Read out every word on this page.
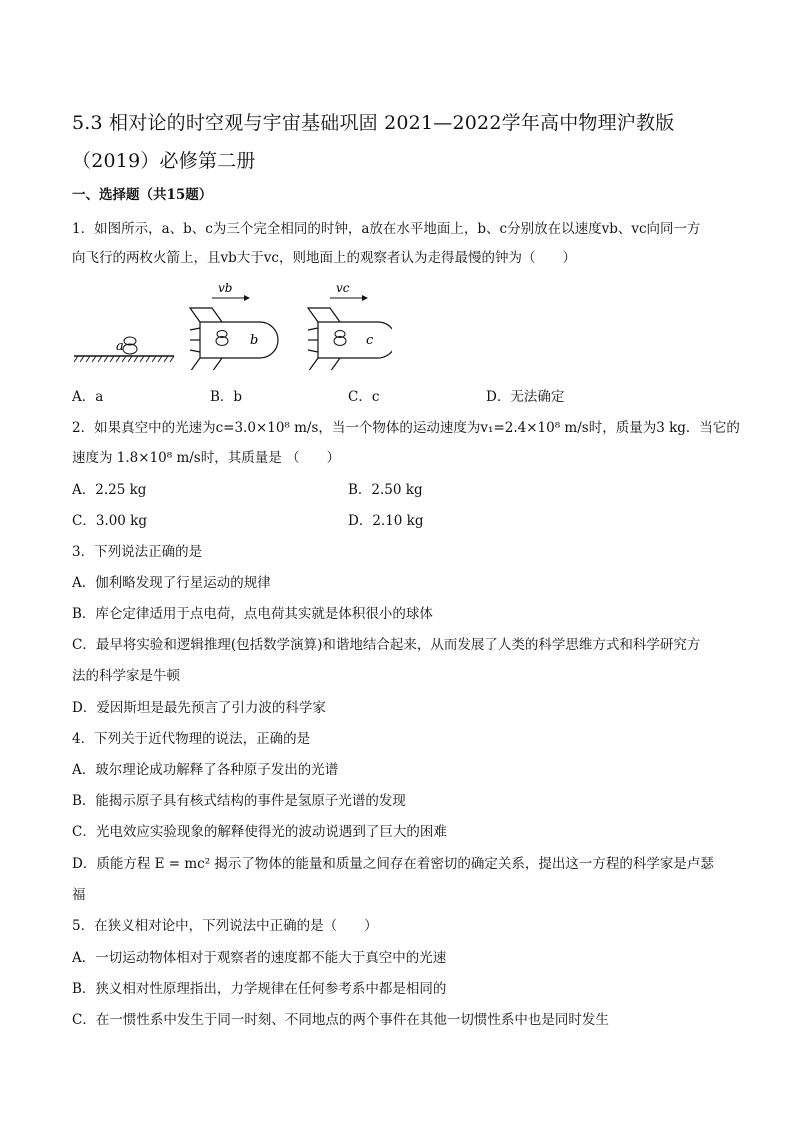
5.3 相对论的时空观与宇宙基础巩固 2021—2022学年高中物理沪教版
（2019）必修第二册
一、选择题（共15题）
1．如图所示，a、b、c为三个完全相同的时钟，a放在水平地面上，b、c分别放在以速度vb、vc向同一方
向飞行的两枚火箭上，且vb大于vc，则地面上的观察者认为走得最慢的钟为（　　）
a	b
vb
c
vc
A．a	B．b	C．c	D．无法确定
2．如果真空中的光速为c=3.0×10⁸ m/s，当一个物体的运动速度为v₁=2.4×10⁸ m/s时，质量为3 kg．当它的
速度为 1.8×10⁸ m/s时，其质量是 （　　）
A．2.25 kg	B．2.50 kg
C．3.00 kg	D．2.10 kg
3．下列说法正确的是
A．伽利略发现了行星运动的规律
B．库仑定律适用于点电荷，点电荷其实就是体积很小的球体
C．最早将实验和逻辑推理(包括数学演算)和谐地结合起来，从而发展了人类的科学思维方式和科学研究方
法的科学家是牛顿
D．爱因斯坦是最先预言了引力波的科学家
4．下列关于近代物理的说法，正确的是
A．玻尔理论成功解释了各种原子发出的光谱
B．能揭示原子具有核式结构的事件是氢原子光谱的发现
C．光电效应实验现象的解释使得光的波动说遇到了巨大的困难
D．质能方程 E = mc² 揭示了物体的能量和质量之间存在着密切的确定关系，提出这一方程的科学家是卢瑟
福
5．在狭义相对论中，下列说法中正确的是（　　）
A．一切运动物体相对于观察者的速度都不能大于真空中的光速
B．狭义相对性原理指出，力学规律在任何参考系中都是相同的
C．在一惯性系中发生于同一时刻、不同地点的两个事件在其他一切惯性系中也是同时发生
